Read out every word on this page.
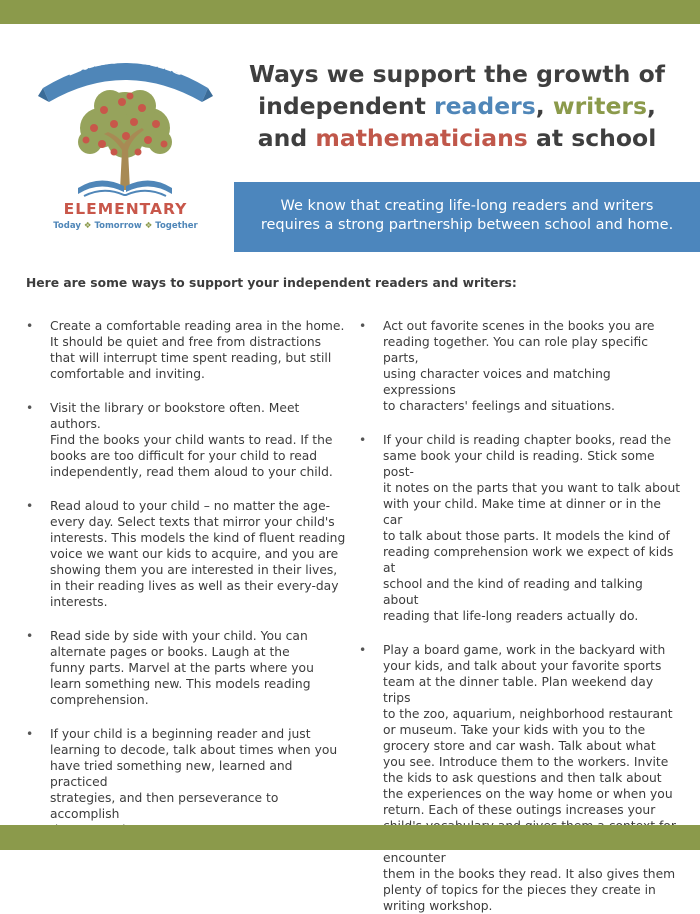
Lake Mills
ELEMENTARY
Today ❖ Tomorrow ❖ Together
Ways we support the growth of
independent readers, writers,
and mathematicians at school
We know that creating life-long readers and writers
requires a strong partnership between school and home.

Here are some ways to support your independent readers and writers:

• Create a comfortable reading area in the home.
It should be quiet and free from distractions
that will interrupt time spent reading, but still
comfortable and inviting.
• Visit the library or bookstore often. Meet authors.
Find the books your child wants to read. If the
books are too difficult for your child to read
independently, read them aloud to your child.
• Read aloud to your child – no matter the age-
every day. Select texts that mirror your child's
interests. This models the kind of fluent reading
voice we want our kids to acquire, and you are
showing them you are interested in their lives,
in their reading lives as well as their every-day
interests.
• Read side by side with your child. You can
alternate pages or books. Laugh at the
funny parts. Marvel at the parts where you
learn something new. This models reading
comprehension.
• If your child is a beginning reader and just
learning to decode, talk about times when you
have tried something new, learned and practiced
strategies, and then perseverance to accomplish
• Act out favorite scenes in the books you are
reading together. You can role play specific parts,
using character voices and matching expressions
to characters' feelings and situations.
• If your child is reading chapter books, read the
same book your child is reading. Stick some post-
it notes on the parts that you want to talk about
with your child. Make time at dinner or in the car
to talk about those parts. It models the kind of
reading comprehension work we expect of kids at
school and the kind of reading and talking about
reading that life-long readers actually do.
• Play a board game, work in the backyard with
your kids, and talk about your favorite sports
team at the dinner table. Plan weekend day trips
to the zoo, aquarium, neighborhood restaurant
or museum. Take your kids with you to the
grocery store and car wash. Talk about what
you see. Introduce them to the workers. Invite
the kids to ask questions and then talk about
the experiences on the way home or when you
return. Each of these outings increases your
encounter
them in the books they read. It also gives them
plenty of topics for the pieces they create in
writing workshop.
